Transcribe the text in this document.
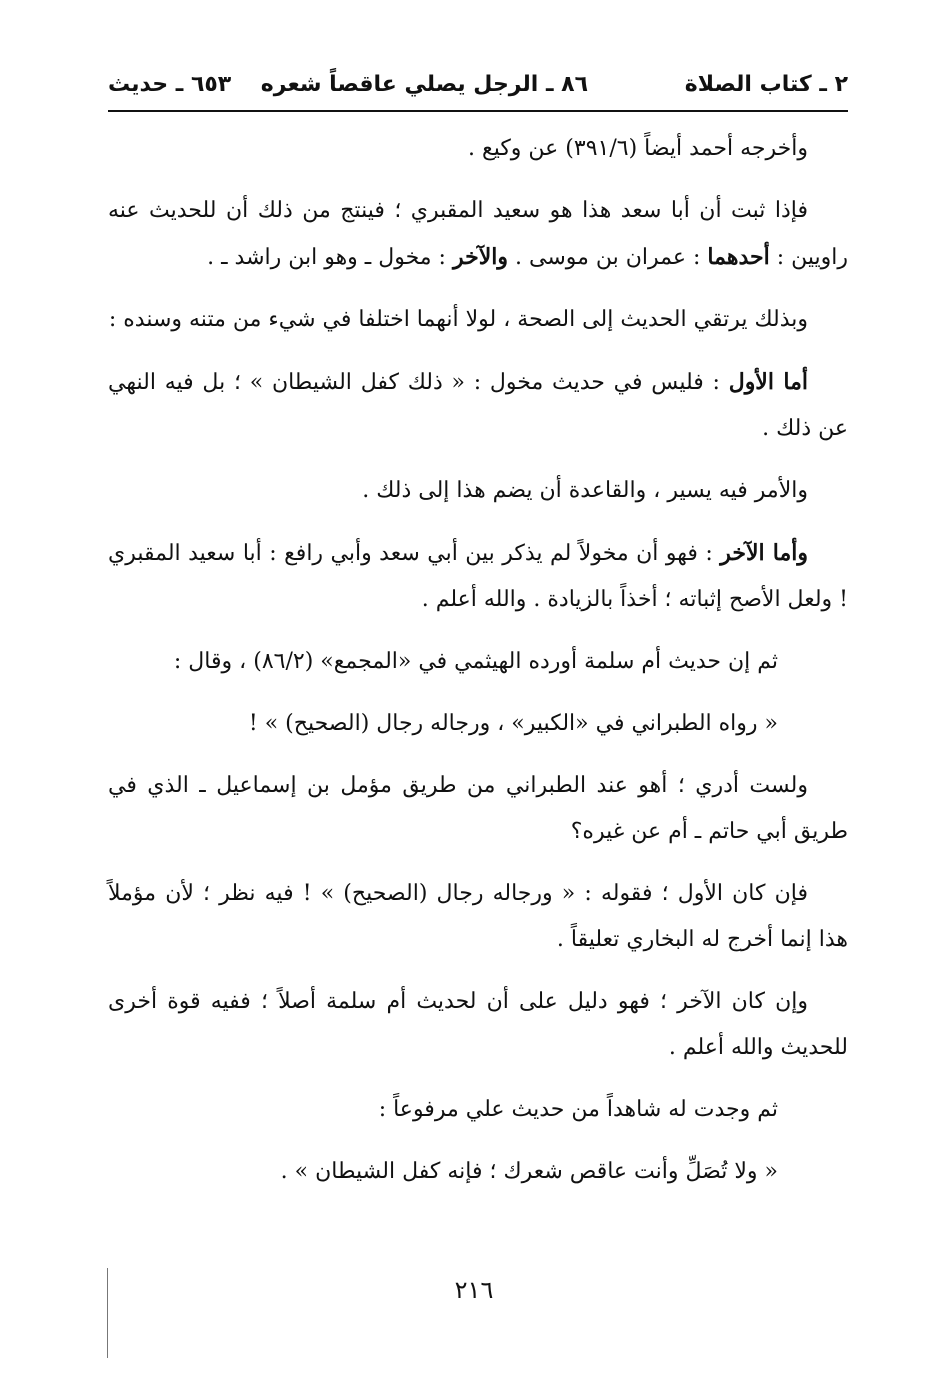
٢ ـ كتاب الصلاة
٨٦ ـ الرجل يصلي عاقصاً شعره
٦٥٣ ـ حديث

وأخرجه أحمد أيضاً (٣٩١/٦) عن وكيع .

فإذا ثبت أن أبا سعد هذا هو سعيد المقبري ؛ فينتج من ذلك أن للحديث عنه راويين : أحدهما : عمران بن موسى . والآخر : مخول ـ وهو ابن راشد ـ .

وبذلك يرتقي الحديث إلى الصحة ، لولا أنهما اختلفا في شيء من متنه وسنده :

أما الأول : فليس في حديث مخول : « ذلك كفل الشيطان » ؛ بل فيه النهي عن ذلك .

والأمر فيه يسير ، والقاعدة أن يضم هذا إلى ذلك .

وأما الآخر : فهو أن مخولاً لم يذكر بين أبي سعد وأبي رافع : أبا سعيد المقبري ! ولعل الأصح إثباته ؛ أخذاً بالزيادة . والله أعلم .

ثم إن حديث أم سلمة أورده الهيثمي في «المجمع» (٨٦/٢) ، وقال :

« رواه الطبراني في «الكبير» ، ورجاله رجال (الصحيح) » !

ولست أدري ؛ أهو عند الطبراني من طريق مؤمل بن إسماعيل ـ الذي في طريق أبي حاتم ـ أم عن غيره؟

فإن كان الأول ؛ فقوله : « ورجاله رجال (الصحيح) » ! فيه نظر ؛ لأن مؤملاً هذا إنما أخرج له البخاري تعليقاً .

وإن كان الآخر ؛ فهو دليل على أن لحديث أم سلمة أصلاً ؛ ففيه قوة أخرى للحديث والله أعلم .

ثم وجدت له شاهداً من حديث علي مرفوعاً :

« ولا تُصَلِّ وأنت عاقص شعرك ؛ فإنه كفل الشيطان » .

٢١٦
